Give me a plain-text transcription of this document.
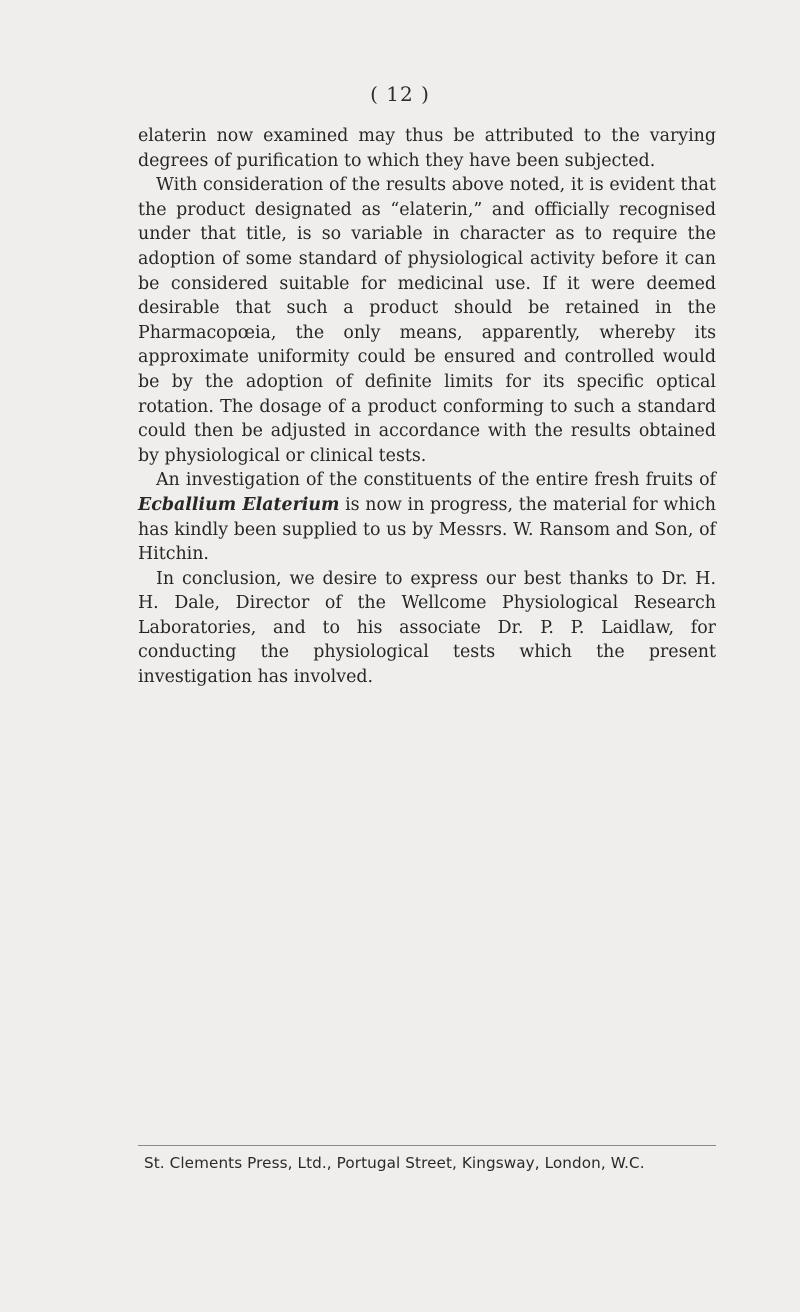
( 12 )

elaterin now examined may thus be attributed to the varying degrees of purification to which they have been subjected.

With consideration of the results above noted, it is evident that the product designated as “elaterin,” and officially recognised under that title, is so variable in character as to require the adoption of some standard of physiological activity before it can be considered suitable for medicinal use. If it were deemed desirable that such a product should be retained in the Pharmacopœia, the only means, apparently, whereby its approximate uniformity could be ensured and controlled would be by the adoption of definite limits for its specific optical rotation. The dosage of a product conforming to such a standard could then be adjusted in accordance with the results obtained by physiological or clinical tests.

An investigation of the constituents of the entire fresh fruits of Ecballium Elaterium is now in progress, the material for which has kindly been supplied to us by Messrs. W. Ransom and Son, of Hitchin.

In conclusion, we desire to express our best thanks to Dr. H. H. Dale, Director of the Wellcome Physiological Research Laboratories, and to his associate Dr. P. P. Laidlaw, for conducting the physiological tests which the present investigation has involved.

St. Clements Press, Ltd., Portugal Street, Kingsway, London, W.C.
